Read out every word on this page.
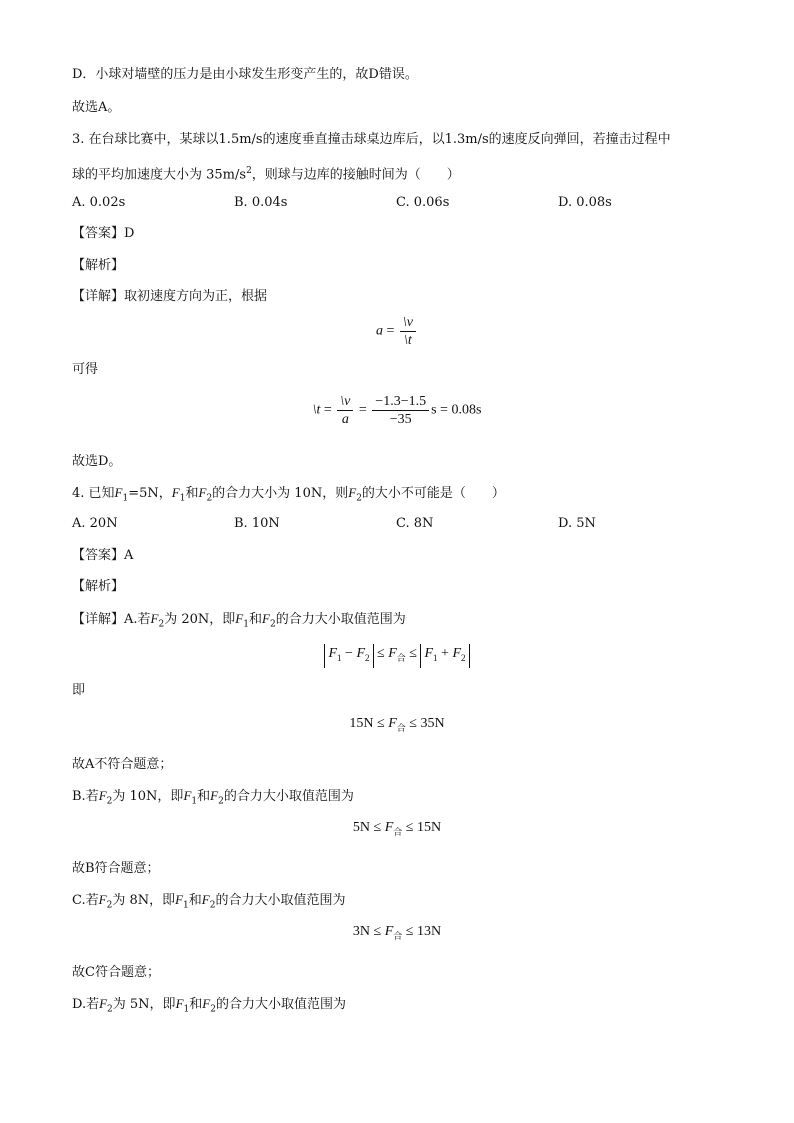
D．小球对墙壁的压力是由小球发生形变产生的，故D错误。
故选A。
3. 在台球比赛中，某球以1.5m/s的速度垂直撞击球桌边库后，以1.3m/s的速度反向弹回，若撞击过程中
球的平均加速度大小为 $35m/s^2$，则球与边库的接触时间为（　　）
A. 0.02s	B. 0.04s	C. 0.06s	D. 0.08s
【答案】D
【解析】
【详解】取初速度方向为正，根据
$a = \frac{\backslash v}{\backslash t}$
可得
\t = $\frac{\backslash v}{a} = \frac{-1.3-1.5}{-35}$ s = 0.08s
故选D。
4. 已知$F_1=5N$，$F_1$和$F_2$的合力大小为 10N，则$F_2$的大小不可能是（　　）
A. 20N	B. 10N	C. 8N	D. 5N
【答案】A
【解析】
【详解】A.若$F_2$为 20N，即$F_1$和$F_2$的合力大小取值范围为
$F_1 - F_2 \le F_合 \le F_1 + F_2$
即
$15N \le F_合 \le 35N$
故A不符合题意；
B.若$F_2$为 10N，即$F_1$和$F_2$的合力大小取值范围为
$5N \le F_合 \le 15N$
故B符合题意；
C.若$F_2$为 8N，即$F_1$和$F_2$的合力大小取值范围为
$3N \le F_合 \le 13N$
故C符合题意；
D.若$F_2$为 5N，即$F_1$和$F_2$的合力大小取值范围为
